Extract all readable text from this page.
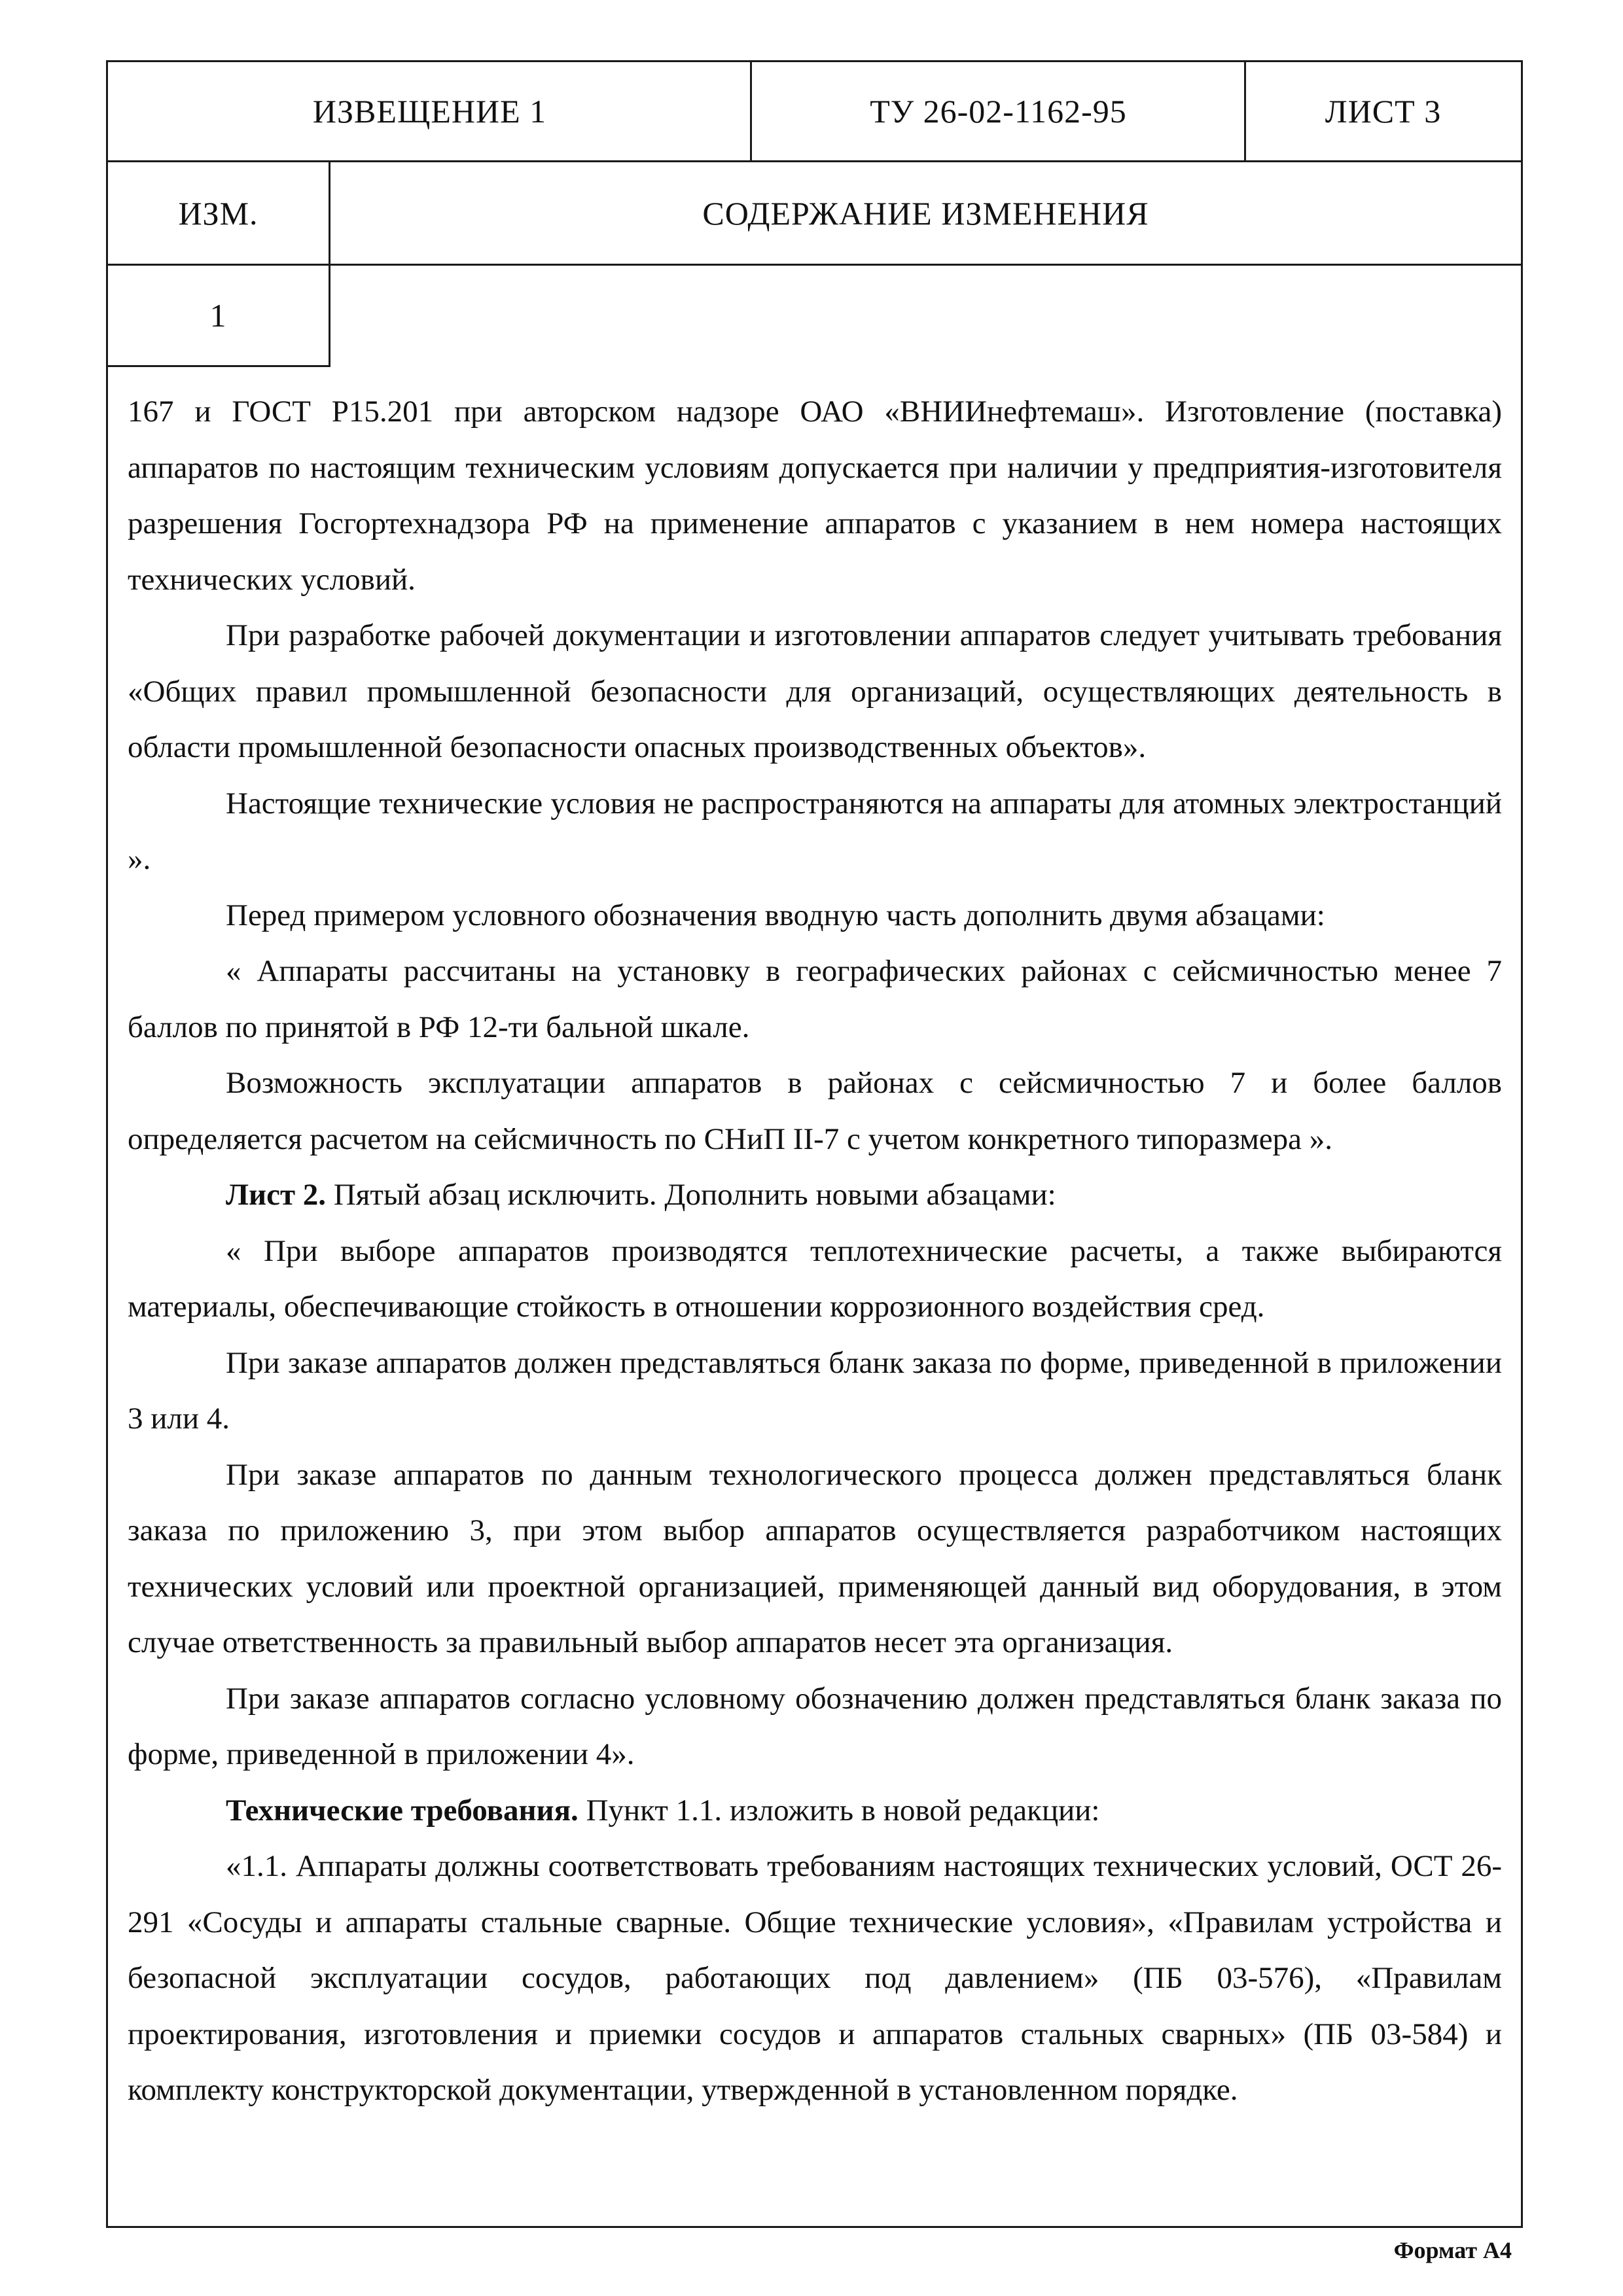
ИЗВЕЩЕНИЕ 1	ТУ 26-02-1162-95	ЛИСТ 3
ИЗМ.	СОДЕРЖАНИЕ ИЗМЕНЕНИЯ
1

167 и ГОСТ Р15.201 при авторском надзоре ОАО «ВНИИнефтемаш». Изготовление (поставка) аппаратов по настоящим техническим условиям допускается при наличии у предприятия-изготовителя разрешения Госгортехнадзора РФ на применение аппаратов с указанием в нем номера настоящих технических условий.

При разработке рабочей документации и изготовлении аппаратов следует учитывать требования «Общих правил промышленной безопасности для организаций, осуществляющих деятельность в области промышленной безопасности опасных производственных объектов».

Настоящие технические условия не распространяются на аппараты для атомных электростанций ».

Перед примером условного обозначения вводную часть дополнить двумя абзацами:

« Аппараты рассчитаны на установку в географических районах с сейсмичностью менее 7 баллов по принятой в РФ 12-ти бальной шкале.

Возможность эксплуатации аппаратов в районах с сейсмичностью 7 и более баллов определяется расчетом на сейсмичность по СНиП II-7 с учетом конкретного типоразмера ».

Лист 2. Пятый абзац исключить. Дополнить новыми абзацами:

« При выборе аппаратов производятся теплотехнические расчеты, а также выбираются материалы, обеспечивающие стойкость в отношении коррозионного воздействия сред.

При заказе аппаратов должен представляться бланк заказа по форме, приведенной в приложении 3 или 4.

При заказе аппаратов по данным технологического процесса должен представляться бланк заказа по приложению 3, при этом выбор аппаратов осуществляется разработчиком настоящих технических условий или проектной организацией, применяющей данный вид оборудования, в этом случае ответственность за правильный выбор аппаратов несет эта организация.

При заказе аппаратов согласно условному обозначению должен представляться бланк заказа по форме, приведенной в приложении 4».

Технические требования. Пункт 1.1. изложить в новой редакции:

«1.1. Аппараты должны соответствовать требованиям настоящих технических условий, ОСТ 26-291 «Сосуды и аппараты стальные сварные. Общие технические условия», «Правилам устройства и безопасной эксплуатации сосудов, работающих под давлением» (ПБ 03-576), «Правилам проектирования, изготовления и приемки сосудов и аппаратов стальных сварных» (ПБ 03-584) и комплекту конструкторской документации, утвержденной в установленном порядке.

Формат А4
